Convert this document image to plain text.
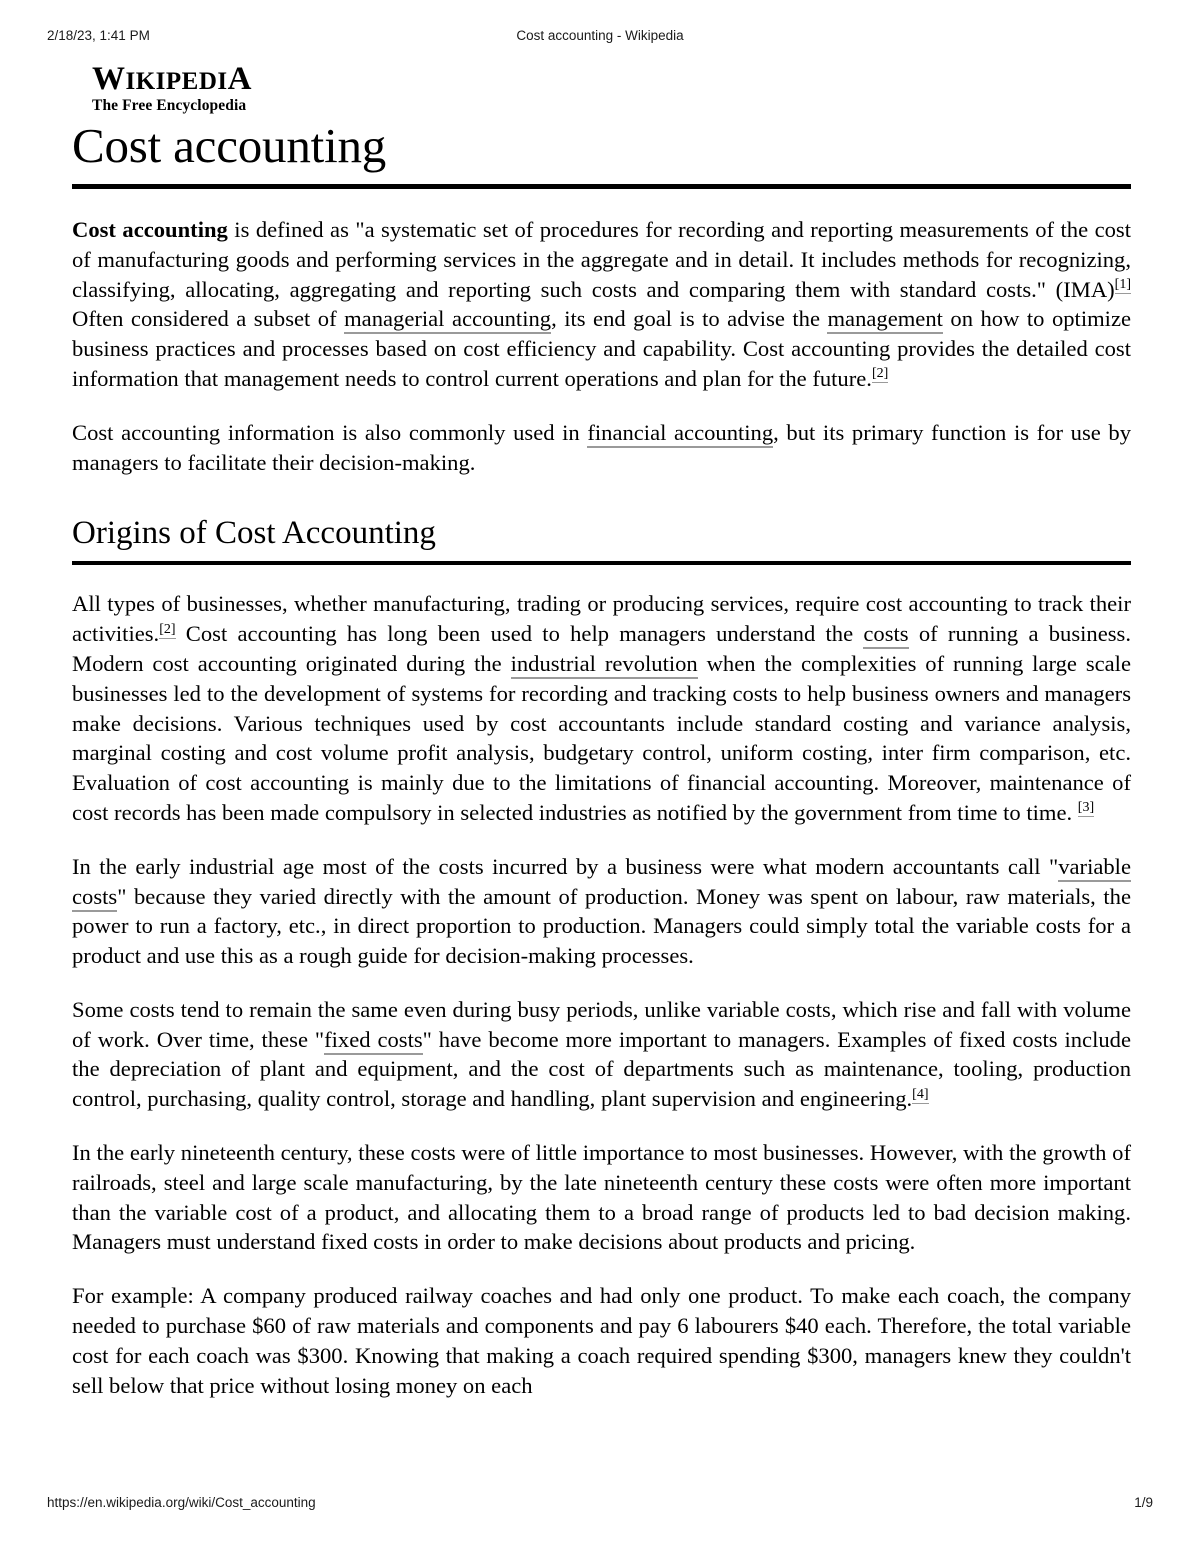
2/18/23, 1:41 PM	Cost accounting - Wikipedia
WIKIPEDIA
The Free Encyclopedia
Cost accounting

Cost accounting is defined as "a systematic set of procedures for recording and reporting measurements of the cost of manufacturing goods and performing services in the aggregate and in detail. It includes methods for recognizing, classifying, allocating, aggregating and reporting such costs and comparing them with standard costs." (IMA)[1] Often considered a subset of managerial accounting, its end goal is to advise the management on how to optimize business practices and processes based on cost efficiency and capability. Cost accounting provides the detailed cost information that management needs to control current operations and plan for the future.[2]

Cost accounting information is also commonly used in financial accounting, but its primary function is for use by managers to facilitate their decision-making.

Origins of Cost Accounting

All types of businesses, whether manufacturing, trading or producing services, require cost accounting to track their activities.[2] Cost accounting has long been used to help managers understand the costs of running a business. Modern cost accounting originated during the industrial revolution when the complexities of running large scale businesses led to the development of systems for recording and tracking costs to help business owners and managers make decisions. Various techniques used by cost accountants include standard costing and variance analysis, marginal costing and cost volume profit analysis, budgetary control, uniform costing, inter firm comparison, etc. Evaluation of cost accounting is mainly due to the limitations of financial accounting. Moreover, maintenance of cost records has been made compulsory in selected industries as notified by the government from time to time. [3]

In the early industrial age most of the costs incurred by a business were what modern accountants call "variable costs" because they varied directly with the amount of production. Money was spent on labour, raw materials, the power to run a factory, etc., in direct proportion to production. Managers could simply total the variable costs for a product and use this as a rough guide for decision-making processes.

Some costs tend to remain the same even during busy periods, unlike variable costs, which rise and fall with volume of work. Over time, these "fixed costs" have become more important to managers. Examples of fixed costs include the depreciation of plant and equipment, and the cost of departments such as maintenance, tooling, production control, purchasing, quality control, storage and handling, plant supervision and engineering.[4]

In the early nineteenth century, these costs were of little importance to most businesses. However, with the growth of railroads, steel and large scale manufacturing, by the late nineteenth century these costs were often more important than the variable cost of a product, and allocating them to a broad range of products led to bad decision making. Managers must understand fixed costs in order to make decisions about products and pricing.

For example: A company produced railway coaches and had only one product. To make each coach, the company needed to purchase $60 of raw materials and components and pay 6 labourers $40 each. Therefore, the total variable cost for each coach was $300. Knowing that making a coach required spending $300, managers knew they couldn't sell below that price without losing money on each

https://en.wikipedia.org/wiki/Cost_accounting	1/9
